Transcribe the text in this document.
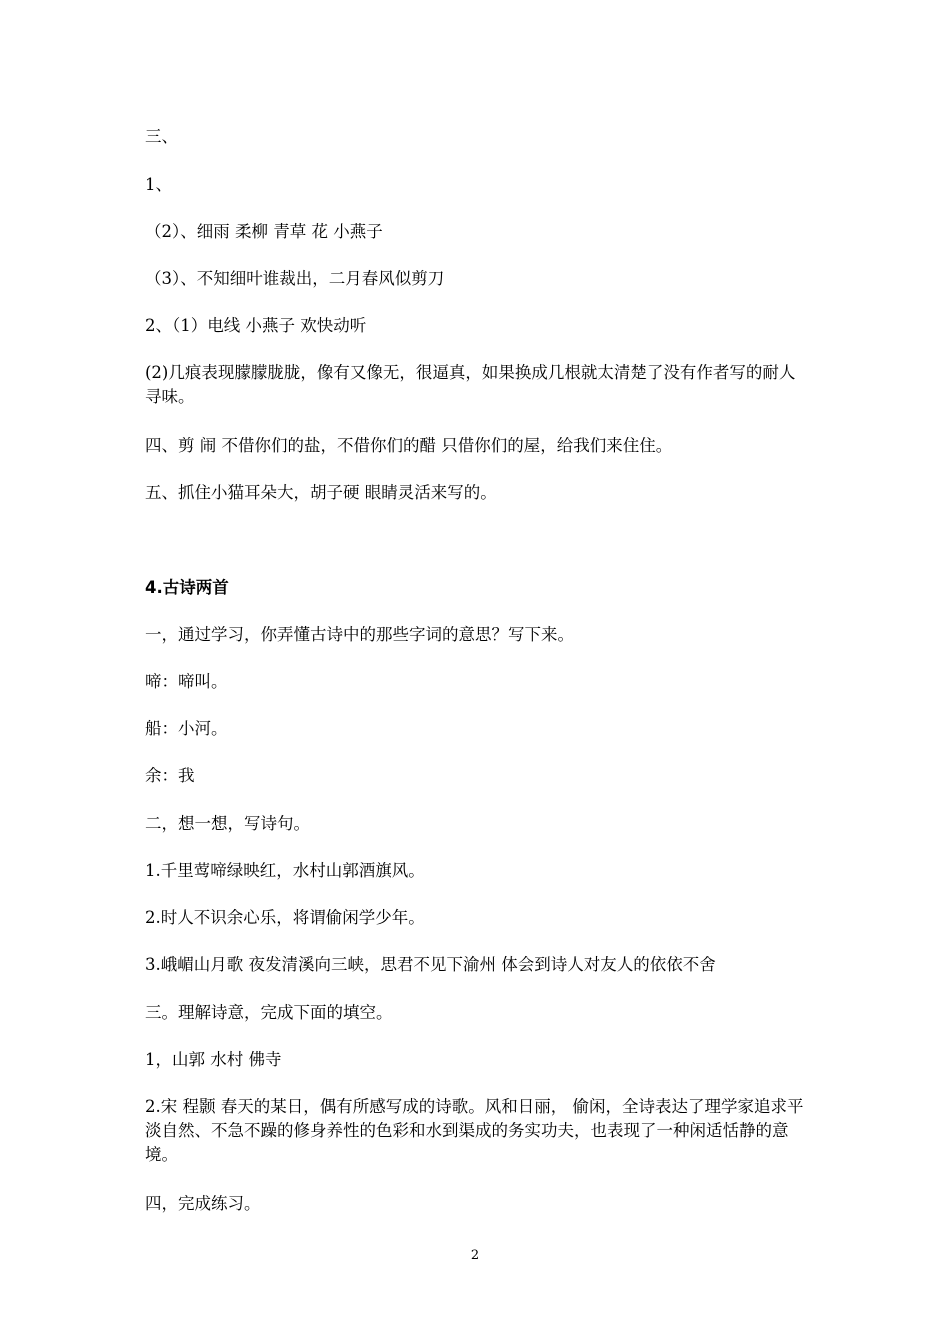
三、
1、
（2）、细雨 柔柳 青草 花 小燕子
（3）、不知细叶谁裁出，二月春风似剪刀
2、（1）电线 小燕子 欢快动听
(2)几痕表现朦朦胧胧，像有又像无，很逼真，如果换成几根就太清楚了没有作者写的耐人寻味。
四、剪 闹 不借你们的盐，不借你们的醋 只借你们的屋，给我们来住住。
五、抓住小猫耳朵大，胡子硬 眼睛灵活来写的。
4.古诗两首
一，通过学习，你弄懂古诗中的那些字词的意思？写下来。
啼：啼叫。
船：小河。
余：我
二，想一想，写诗句。
1.千里莺啼绿映红，水村山郭酒旗风。
2.时人不识余心乐，将谓偷闲学少年。
3.峨嵋山月歌 夜发清溪向三峡，思君不见下渝州 体会到诗人对友人的依依不舍
三。理解诗意，完成下面的填空。
1，山郭 水村 佛寺
2.宋 程颢 春天的某日，偶有所感写成的诗歌。风和日丽， 偷闲，全诗表达了理学家追求平淡自然、不急不躁的修身养性的色彩和水到渠成的务实功夫，也表现了一种闲适恬静的意境。
四，完成练习。
2
